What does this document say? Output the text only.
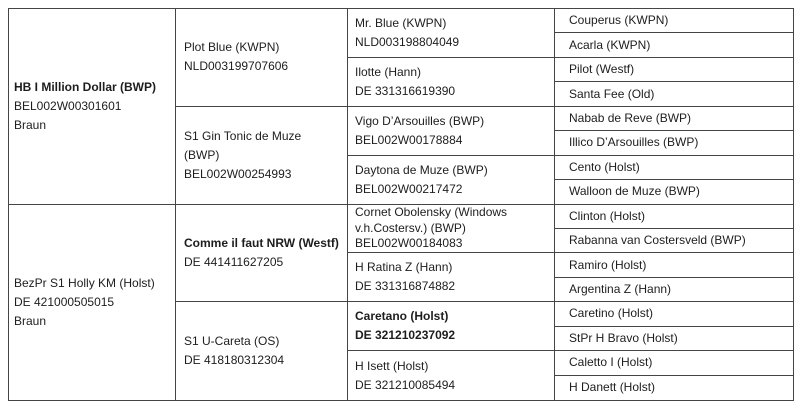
HB I Million Dollar (BWP)
BEL002W00301601
Braun
BezPr S1 Holly KM (Holst)
DE 421000505015
Braun
Plot Blue (KWPN)
NLD003199707606
S1 Gin Tonic de Muze (BWP)
BEL002W00254993
Comme il faut NRW (Westf)
DE 441411627205
S1 U-Careta (OS)
DE 418180312304
Mr. Blue (KWPN)
NLD003198804049
Ilotte (Hann)
DE 331316619390
Vigo D’Arsouilles (BWP)
BEL002W00178884
Daytona de Muze (BWP)
BEL002W00217472
Cornet Obolensky (Windows v.h.Costersv.) (BWP)
BEL002W00184083
H Ratina Z (Hann)
DE 331316874882
Caretano (Holst)
DE 321210237092
H Isett (Holst)
DE 321210085494
Couperus (KWPN)
Acarla (KWPN)
Pilot (Westf)
Santa Fee (Old)
Nabab de Reve (BWP)
Illico D’Arsouilles (BWP)
Cento (Holst)
Walloon de Muze (BWP)
Clinton (Holst)
Rabanna van Costersveld (BWP)
Ramiro (Holst)
Argentina Z (Hann)
Caretino (Holst)
StPr H Bravo (Holst)
Caletto I (Holst)
H Danett (Holst)
